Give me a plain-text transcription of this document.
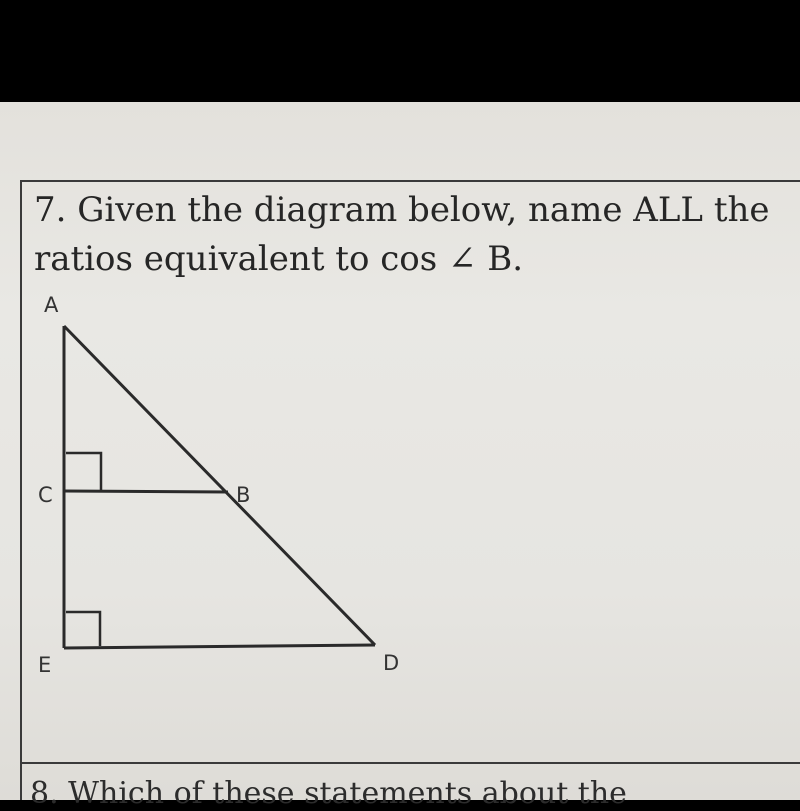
7. Given the diagram below, name ALL the
ratios equivalent to cos ∠ B.
A
C	B
E	D
8. Which of these statements about the
